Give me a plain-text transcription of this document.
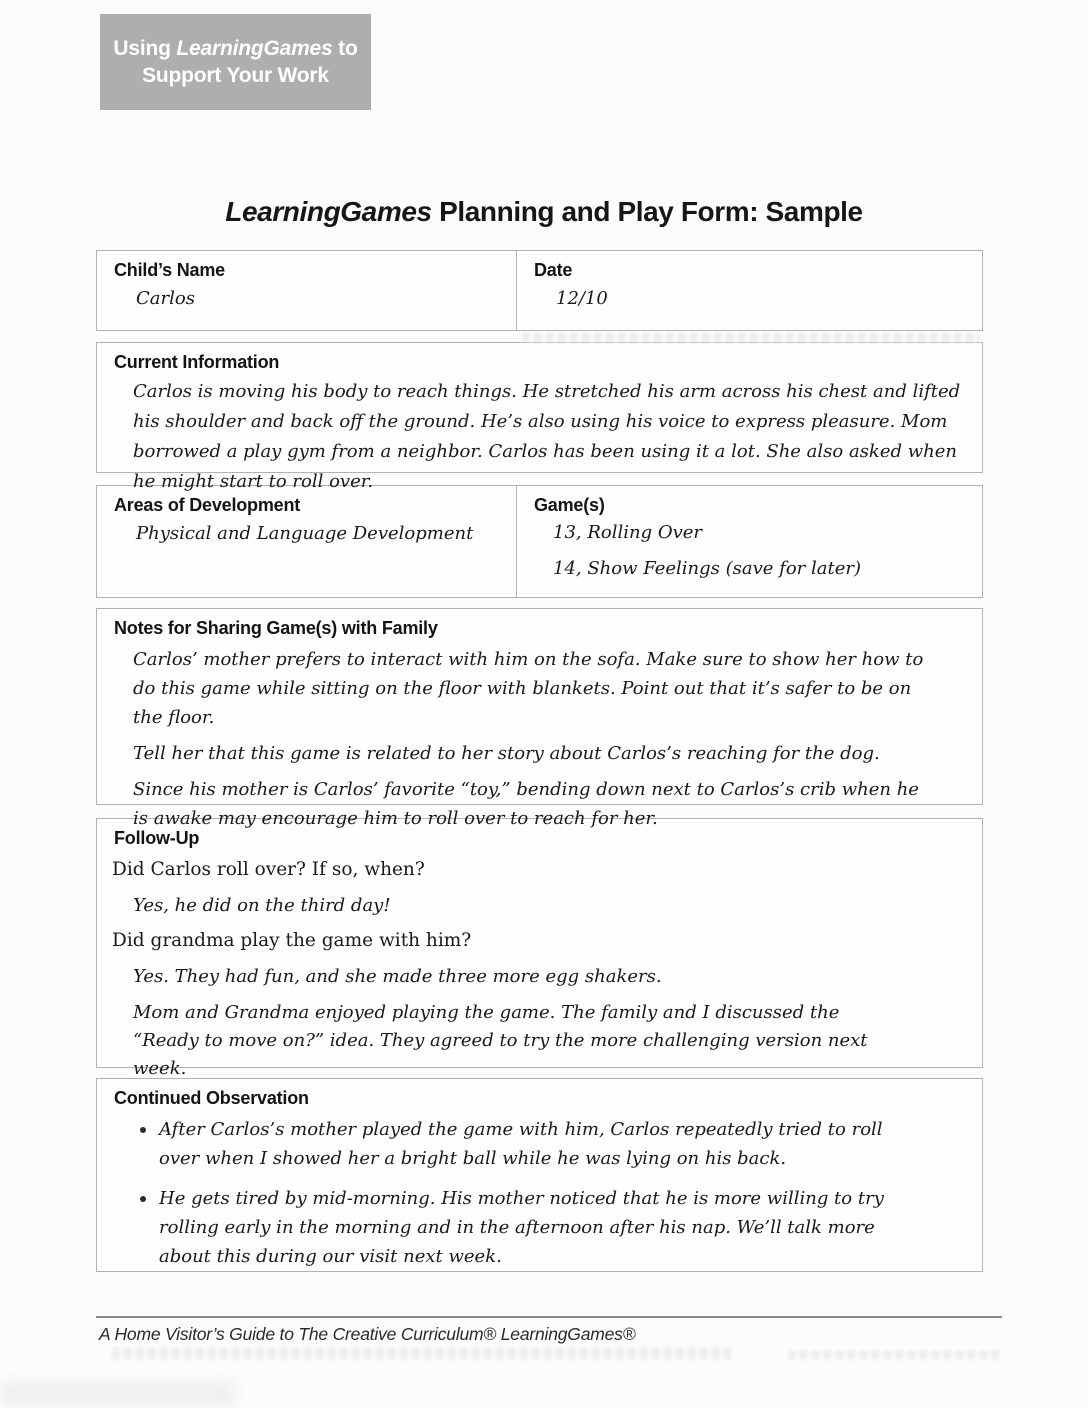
Using LearningGames to
Support Your Work
LearningGames Planning and Play Form: Sample
Child’s Name
Carlos
Date
12/10
Current Information
Carlos is moving his body to reach things. He stretched his arm across his chest and lifted his shoulder and back off the ground. He’s also using his voice to express pleasure. Mom borrowed a play gym from a neighbor. Carlos has been using it a lot. She also asked when he might start to roll over.
Areas of Development
Physical and Language Development
Game(s)
13, Rolling Over
14, Show Feelings (save for later)
Notes for Sharing Game(s) with Family
Carlos’ mother prefers to interact with him on the sofa. Make sure to show her how to do this game while sitting on the floor with blankets. Point out that it’s safer to be on the floor.
Tell her that this game is related to her story about Carlos’s reaching for the dog.
Since his mother is Carlos’ favorite “toy,” bending down next to Carlos’s crib when he is awake may encourage him to roll over to reach for her.
Follow-Up
Did Carlos roll over? If so, when?
Yes, he did on the third day!
Did grandma play the game with him?
Yes. They had fun, and she made three more egg shakers.
Mom and Grandma enjoyed playing the game. The family and I discussed the “Ready to move on?” idea. They agreed to try the more challenging version next week.
Continued Observation
After Carlos’s mother played the game with him, Carlos repeatedly tried to roll over when I showed her a bright ball while he was lying on his back.
He gets tired by mid-morning. His mother noticed that he is more willing to try rolling early in the morning and in the afternoon after his nap. We’ll talk more about this during our visit next week.
A Home Visitor’s Guide to The Creative Curriculum® LearningGames®
